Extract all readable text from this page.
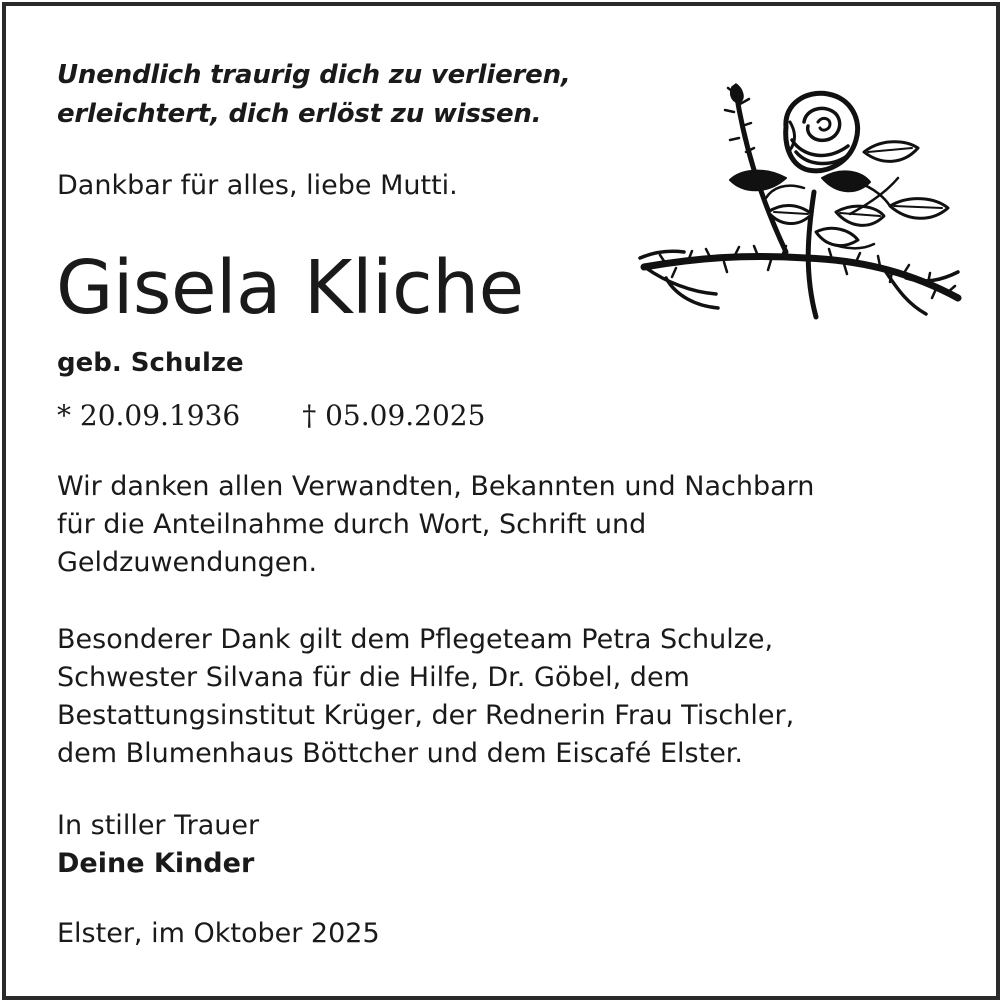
Unendlich traurig dich zu verlieren,
erleichtert, dich erlöst zu wissen.

Dankbar für alles, liebe Mutti.

Gisela Kliche

geb. Schulze

* 20.09.1936 † 05.09.2025

Wir danken allen Verwandten, Bekannten und Nachbarn
für die Anteilnahme durch Wort, Schrift und
Geldzuwendungen.
Besonderer Dank gilt dem Pflegeteam Petra Schulze,
Schwester Silvana für die Hilfe, Dr. Göbel, dem
Bestattungsinstitut Krüger, der Rednerin Frau Tischler,
dem Blumenhaus Böttcher und dem Eiscafé Elster.
In stiller Trauer
Deine Kinder

Elster, im Oktober 2025
